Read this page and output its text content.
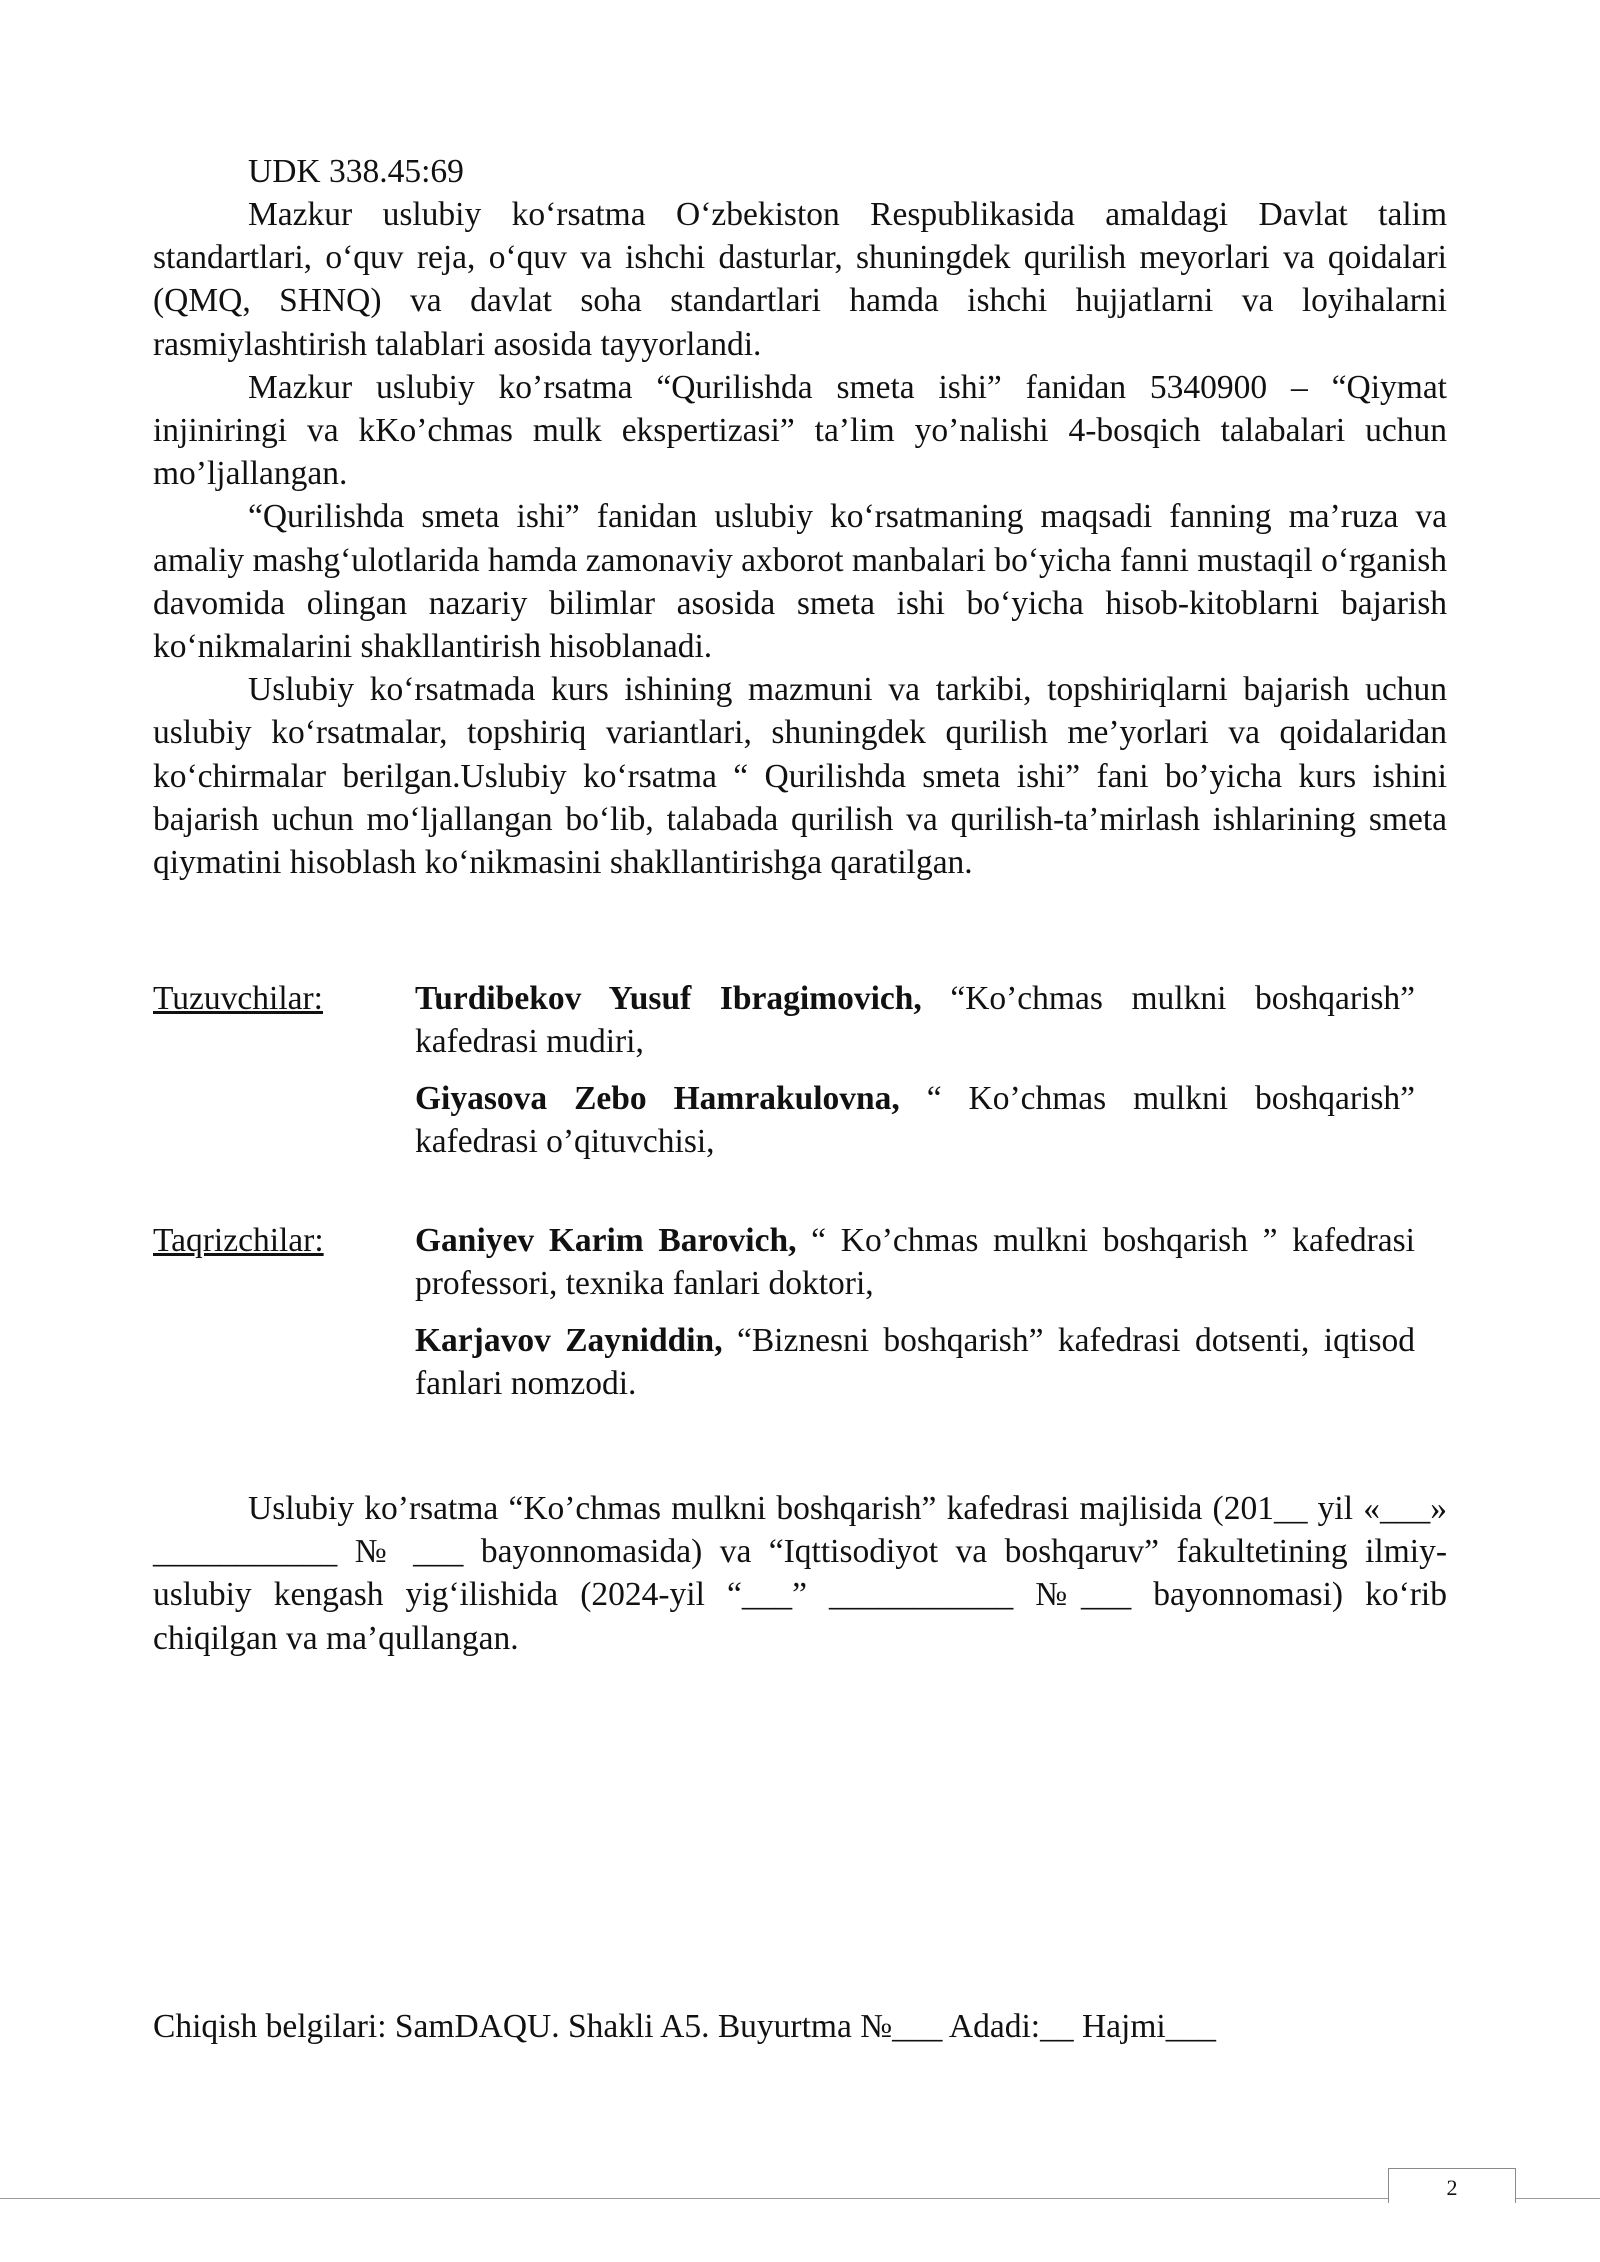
UDK 338.45:69

Mazkur uslubiy ko‘rsatma O‘zbekiston Respublikasida amaldagi Davlat talim standartlari, o‘quv reja, o‘quv va ishchi dasturlar, shuningdek qurilish meyorlari va qoidalari (QMQ, SHNQ) va davlat soha standartlari hamda ishchi hujjatlarni va loyihalarni rasmiylashtirish talablari asosida tayyorlandi.

Mazkur uslubiy ko’rsatma “Qurilishda smeta ishi” fanidan 5340900 – “Qiymat injiniringi va kKo’chmas mulk ekspertizasi” ta’lim yo’nalishi 4-bosqich talabalari uchun mo’ljallangan.

“Qurilishda smeta ishi” fanidan uslubiy ko‘rsatmaning maqsadi fanning ma’ruza va amaliy mashg‘ulotlarida hamda zamonaviy axborot manbalari bo‘yicha fanni mustaqil o‘rganish davomida olingan nazariy bilimlar asosida smeta ishi bo‘yicha hisob-kitoblarni bajarish ko‘nikmalarini shakllantirish hisoblanadi.

Uslubiy ko‘rsatmada kurs ishining mazmuni va tarkibi, topshiriqlarni bajarish uchun uslubiy ko‘rsatmalar, topshiriq variantlari, shuningdek qurilish me’yorlari va qoidalaridan ko‘chirmalar berilgan.Uslubiy ko‘rsatma “ Qurilishda smeta ishi” fani bo’yicha kurs ishini bajarish uchun mo‘ljallangan bo‘lib, talabada qurilish va qurilish-ta’mirlash ishlarining smeta qiymatini hisoblash ko‘nikmasini shakllantirishga qaratilgan.

Tuzuvchilar:	Turdibekov Yusuf Ibragimovich, “Ko’chmas mulkni boshqarish” kafedrasi mudiri,

Giyasova Zebo Hamrakulovna, “ Ko’chmas mulkni boshqarish” kafedrasi o’qituvchisi,

Taqrizchilar:	Ganiyev Karim Barovich, “ Ko’chmas mulkni boshqarish ” kafedrasi professori, texnika fanlari doktori,

Karjavov Zayniddin, “Biznesni boshqarish” kafedrasi dotsenti, iqtisod fanlari nomzodi.

Uslubiy ko’rsatma “Ko’chmas mulkni boshqarish” kafedrasi majlisida (201__ yil «___» ___________ № ___ bayonnomasida) va “Iqttisodiyot va boshqaruv” fakultetining ilmiy-uslubiy kengash yig‘ilishida (2024-yil “___” ___________ №___ bayonnomasi) ko‘rib chiqilgan va ma’qullangan.

Chiqish belgilari: SamDAQU. Shakli A5. Buyurtma №___ Adadi:__ Hajmi___
2
